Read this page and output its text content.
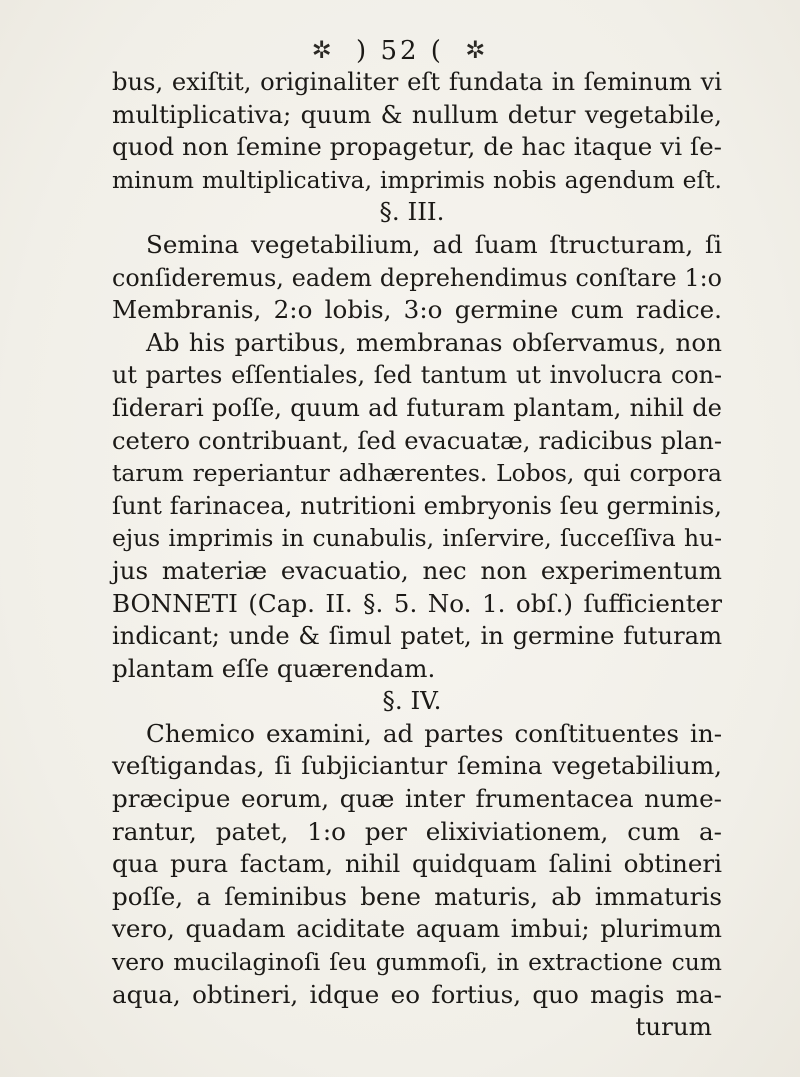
✲ ) 52 ( ✲
bus, exiſtit, originaliter eſt fundata in ſeminum vi
multiplicativa; quum & nullum detur vegetabile,
quod non ſemine propagetur, de hac itaque vi ſe-
minum multiplicativa, imprimis nobis agendum eſt.
§. III.
Semina vegetabilium, ad ſuam ſtructuram, ſi
conſideremus, eadem deprehendimus conſtare 1:o
Membranis, 2:o lobis, 3:o germine cum radice.
Ab his partibus, membranas obſervamus, non
ut partes eſſentiales, ſed tantum ut involucra con-
ſiderari poſſe, quum ad futuram plantam, nihil de
cetero contribuant, ſed evacuatæ, radicibus plan-
tarum reperiantur adhærentes. Lobos, qui corpora
ſunt farinacea, nutritioni embryonis ſeu germinis,
ejus imprimis in cunabulis, inſervire, ſucceſſiva hu-
jus materiæ evacuatio, nec non experimentum
BONNETI (Cap. II. §. 5. No. 1. obſ.) ſufficienter
indicant; unde & ſimul patet, in germine futuram
plantam eſſe quærendam.
§. IV.
Chemico examini, ad partes conſtituentes in-
veſtigandas, ſi ſubjiciantur ſemina vegetabilium,
præcipue eorum, quæ inter frumentacea nume-
rantur, patet, 1:o per elixiviationem, cum a-
qua pura factam, nihil quidquam ſalini obtineri
poſſe, a ſeminibus bene maturis, ab immaturis
vero, quadam aciditate aquam imbui; plurimum
vero mucilaginoſi ſeu gummoſi, in extractione cum
aqua, obtineri, idque eo fortius, quo magis ma-
turum
